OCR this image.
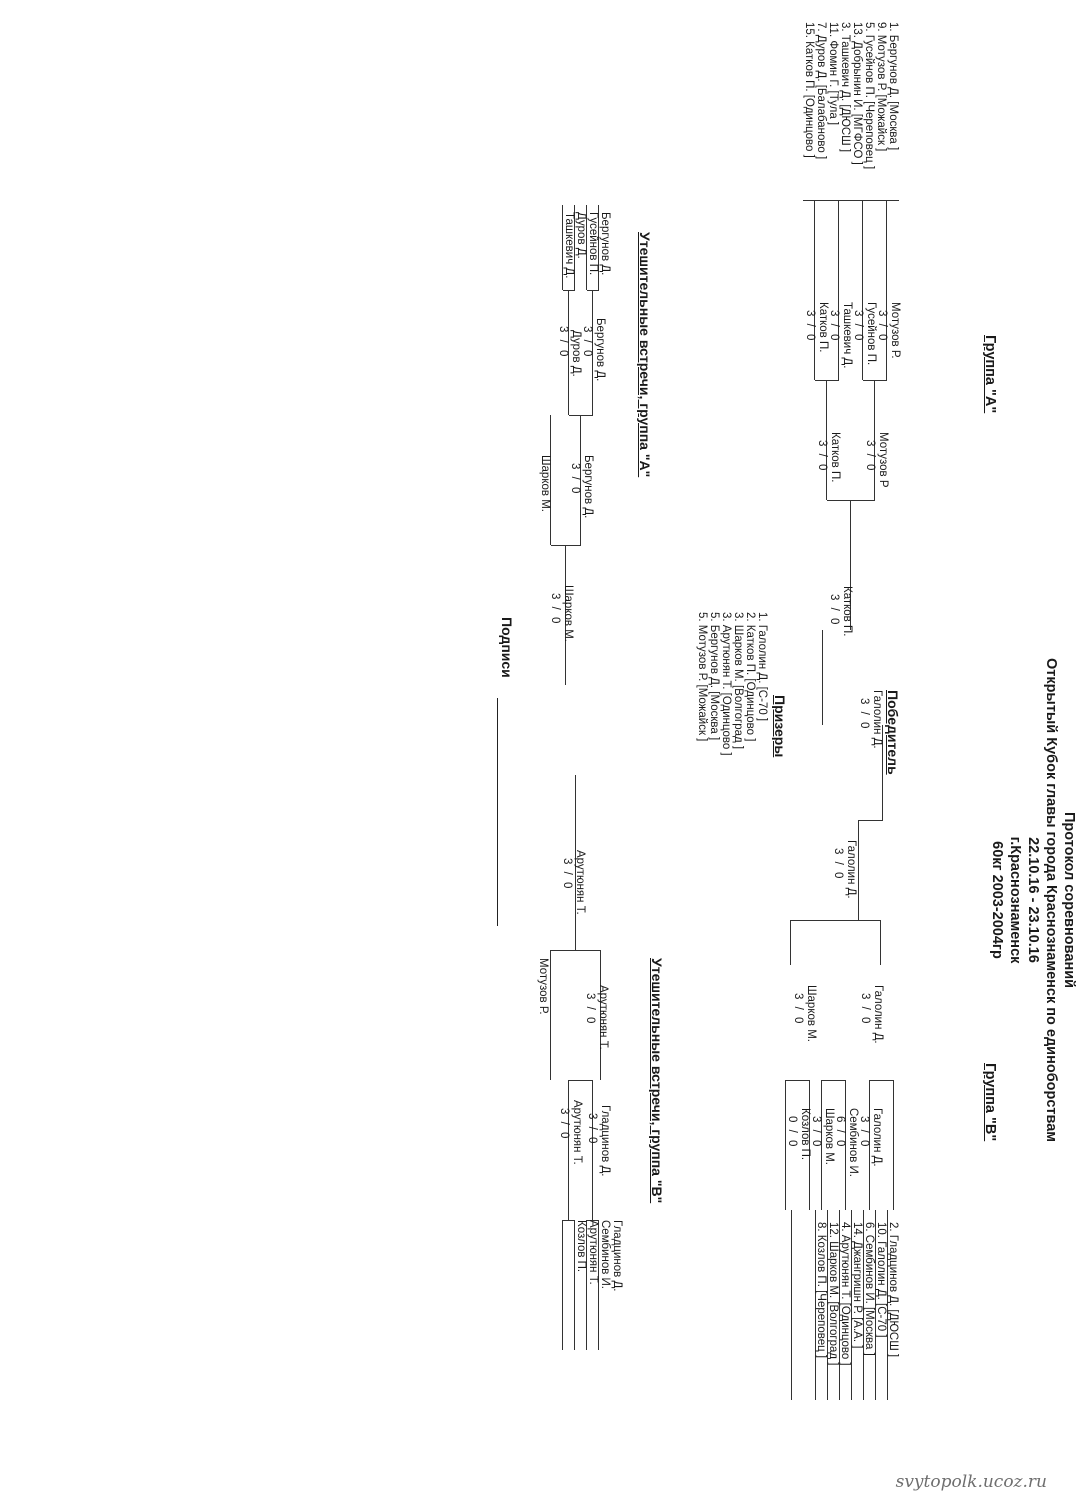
Протокол соревнований
Открытый Кубок главы города Краснознаменск по единоборствам
22.10.16 - 23.10.16
г.Краснознаменск
60кг 2003-2004гр
Группа "А"
1. Бергунов Д. [Москва ]
9. Мотузов Р. [Можайск ]
5. Гусейнов П. [Череповец ]
13. Добрынин И. [МГФСО ]
3. Ташкевич Д. [ДЮСШ ]
11. Фомин Г. [Тула ]
7. Дуров Д. [Балабаново ]
15. Катков П. [Одинцово ]
Мотузов Р.
3 / 0
Гусейнов П.
3 / 0
Ташкевич Д.
3 / 0
Катков П.
3 / 0
Мотузов Р
3 / 0
Катков П.
3 / 0
Катков П.
3 / 0
Победитель
Галолин Д.
3 / 0
Галолин Д.
3 / 0
Группа "В"
Галолин Д.
3 / 0
Шарков М.
3 / 0
Галолин Д.
3 / 0
Сембинов И.
6 / 0
Шарков М.
3 / 0
Козлов П.
0 / 0
2. Гладцинов Д. [ДЮСШ ]
10. Галолин Д. [С-70 ]
6. Сембинов И. [Москва ]
14. Джангришн Р. [А.А. ]
4. Арутюнян Т. [Одинцово ]
12. Шарков М. [Волгоград ]
8. Козлов П. [Череповец ]
Призеры
1. Галолин Д. [С-70 ]
2. Катков П. [Одинцово ]
3. Шарков М. [Волгоград ]
3. Арутюнян Т. [Одинцово ]
5. Бергунов Д. [Москва ]
5. Мотузов Р. [Можайск ]
Утешительные встречи, группа "А"
Бергунов Д.
Гусейнов П.
Дуров Д.
Ташкевич Д.
Бергунов Д.
3 / 0
Дуров Д.
3 / 0
Бергунов Д.
3 / 0
Шарков М.
Шарков М.
3 / 0
Утешительные встречи, группа "В"
Арутюнян Т.
3 / 0
Арутюнян Т.
3 / 0
Мотузов Р.
Гладцинов Д.
3 / 0
Арутюнян Т.
3 / 0
Гладцинов Д.
Сембинов И.
Арутюнян Т.
Козлов П.
Подписи
svytopolk.ucoz.ru
